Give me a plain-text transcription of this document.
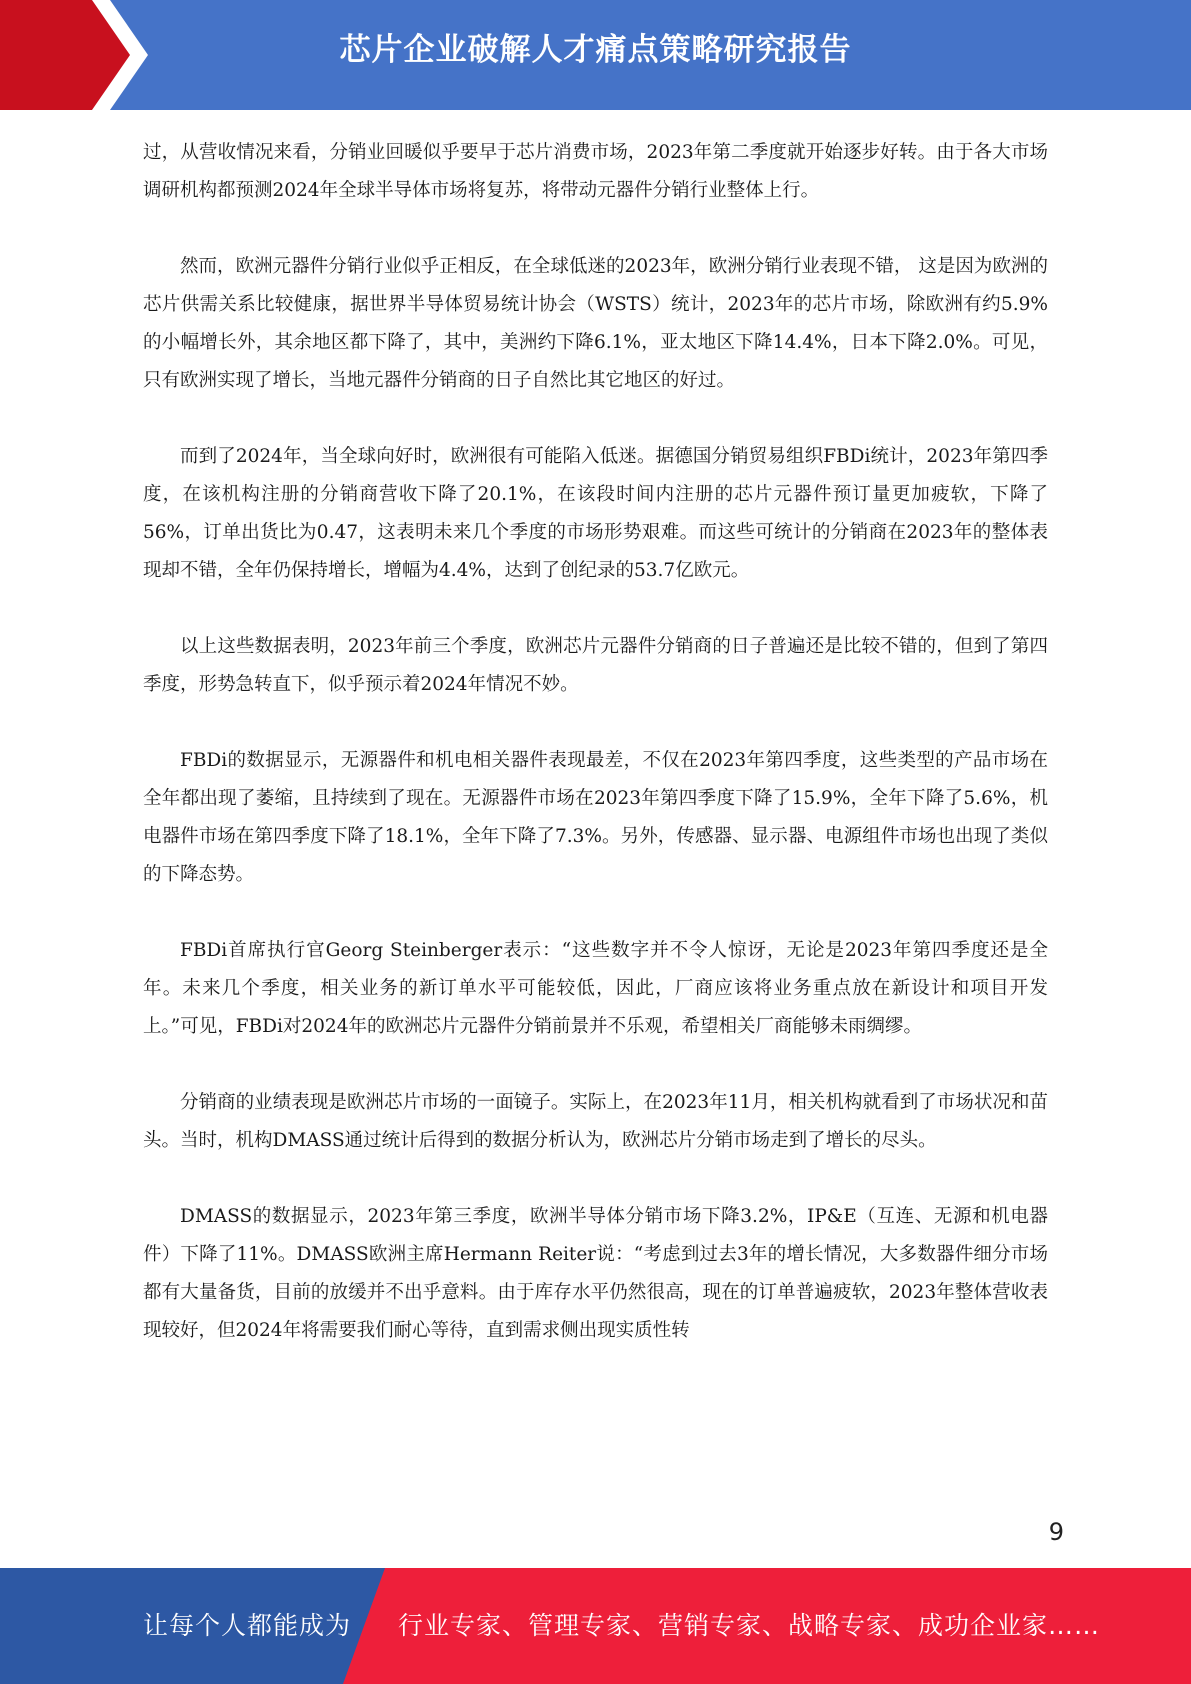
芯片企业破解人才痛点策略研究报告

过，从营收情况来看，分销业回暖似乎要早于芯片消费市场，2023年第二季度就开始逐步好转。由于各大市场调研机构都预测2024年全球半导体市场将复苏，将带动元器件分销行业整体上行。

然而，欧洲元器件分销行业似乎正相反，在全球低迷的2023年，欧洲分销行业表现不错， 这是因为欧洲的芯片供需关系比较健康，据世界半导体贸易统计协会（WSTS）统计，2023年的芯片市场，除欧洲有约5.9%的小幅增长外，其余地区都下降了，其中，美洲约下降6.1%，亚太地区下降14.4%，日本下降2.0%。可见，只有欧洲实现了增长，当地元器件分销商的日子自然比其它地区的好过。

而到了2024年，当全球向好时，欧洲很有可能陷入低迷。据德国分销贸易组织FBDi统计，2023年第四季度，在该机构注册的分销商营收下降了20.1%，在该段时间内注册的芯片元器件预订量更加疲软，下降了56%，订单出货比为0.47，这表明未来几个季度的市场形势艰难。而这些可统计的分销商在2023年的整体表现却不错，全年仍保持增长，增幅为4.4%，达到了创纪录的53.7亿欧元。

以上这些数据表明，2023年前三个季度，欧洲芯片元器件分销商的日子普遍还是比较不错的，但到了第四季度，形势急转直下，似乎预示着2024年情况不妙。

FBDi的数据显示，无源器件和机电相关器件表现最差，不仅在2023年第四季度，这些类型的产品市场在全年都出现了萎缩，且持续到了现在。无源器件市场在2023年第四季度下降了15.9%，全年下降了5.6%，机电器件市场在第四季度下降了18.1%，全年下降了7.3%。另外，传感器、显示器、电源组件市场也出现了类似的下降态势。

FBDi首席执行官Georg Steinberger表示：“这些数字并不令人惊讶，无论是2023年第四季度还是全年。未来几个季度，相关业务的新订单水平可能较低，因此，厂商应该将业务重点放在新设计和项目开发上。”可见，FBDi对2024年的欧洲芯片元器件分销前景并不乐观，希望相关厂商能够未雨绸缪。

分销商的业绩表现是欧洲芯片市场的一面镜子。实际上，在2023年11月，相关机构就看到了市场状况和苗头。当时，机构DMASS通过统计后得到的数据分析认为，欧洲芯片分销市场走到了增长的尽头。

DMASS的数据显示，2023年第三季度，欧洲半导体分销市场下降3.2%，IP&E（互连、无源和机电器件）下降了11%。DMASS欧洲主席Hermann Reiter说：“考虑到过去3年的增长情况，大多数器件细分市场都有大量备货，目前的放缓并不出乎意料。由于库存水平仍然很高，现在的订单普遍疲软，2023年整体营收表现较好，但2024年将需要我们耐心等待，直到需求侧出现实质性转

9
让每个人都能成为 行业专家、管理专家、营销专家、战略专家、成功企业家……
